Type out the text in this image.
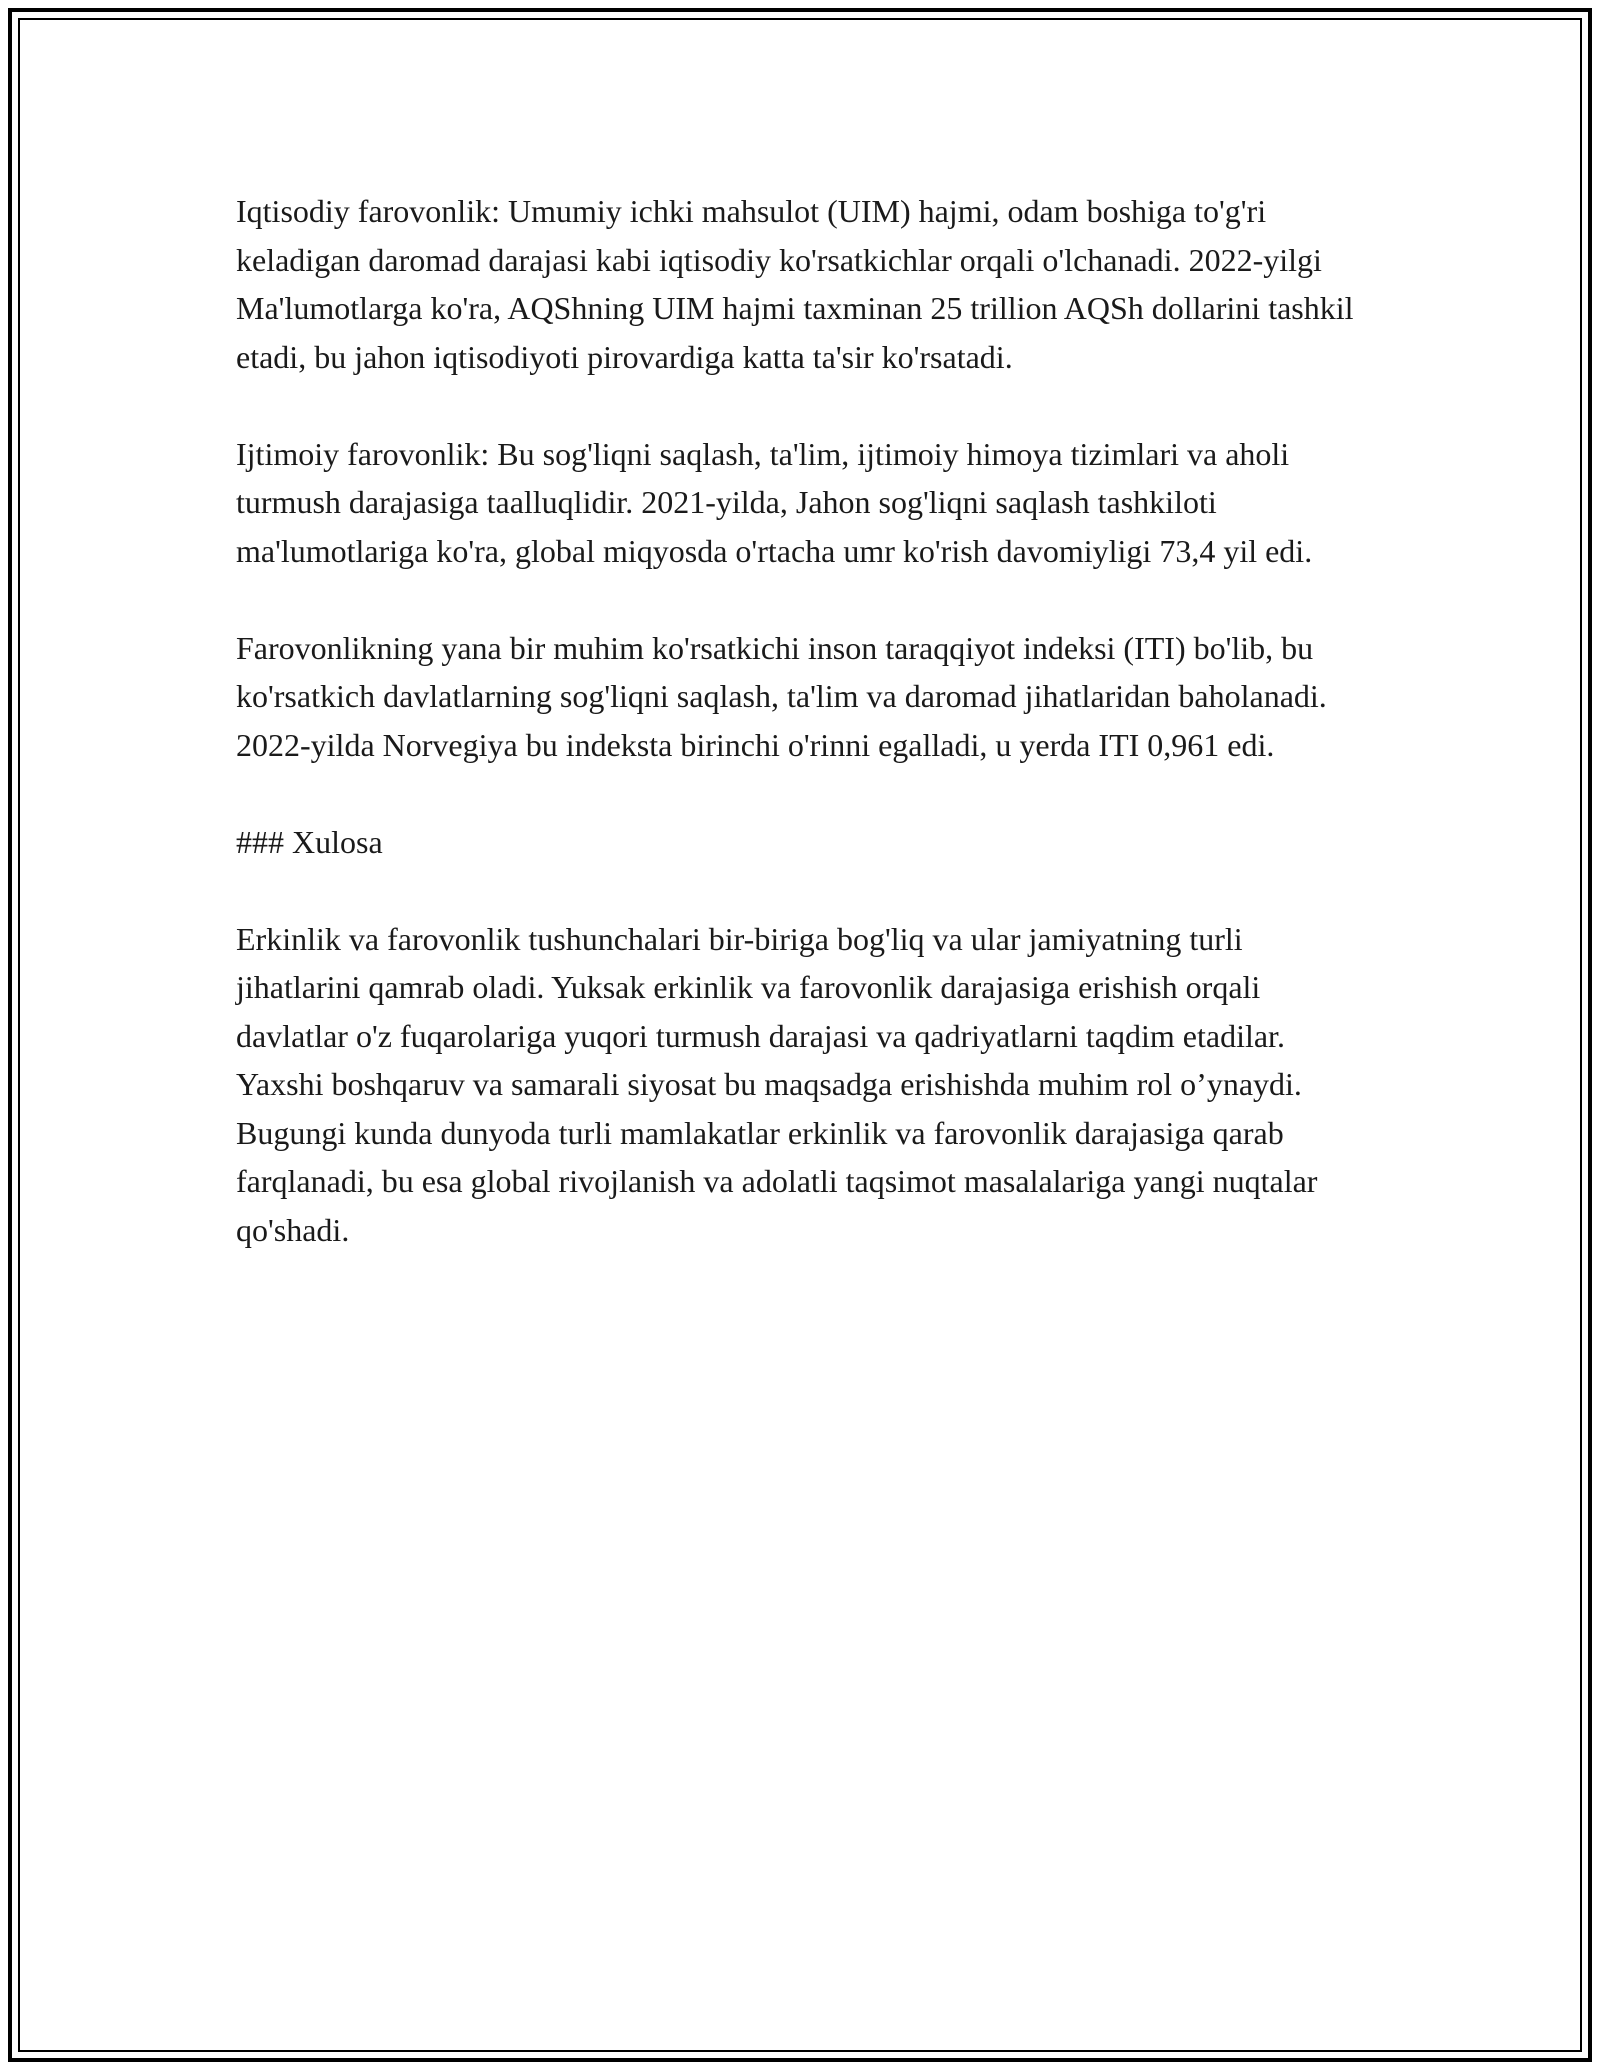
Iqtisodiy farovonlik: Umumiy ichki mahsulot (UIM) hajmi, odam boshiga to'g'ri keladigan daromad darajasi kabi iqtisodiy ko'rsatkichlar orqali o'lchanadi. 2022-yilgi Ma'lumotlarga ko'ra, AQShning UIM hajmi taxminan 25 trillion AQSh dollarini tashkil etadi, bu jahon iqtisodiyoti pirovardiga katta ta'sir ko'rsatadi.

Ijtimoiy farovonlik: Bu sog'liqni saqlash, ta'lim, ijtimoiy himoya tizimlari va aholi turmush darajasiga taalluqlidir. 2021-yilda, Jahon sog'liqni saqlash tashkiloti ma'lumotlariga ko'ra, global miqyosda o'rtacha umr ko'rish davomiyligi 73,4 yil edi.

Farovonlikning yana bir muhim ko'rsatkichi inson taraqqiyot indeksi (ITI) bo'lib, bu ko'rsatkich davlatlarning sog'liqni saqlash, ta'lim va daromad jihatlaridan baholanadi. 2022-yilda Norvegiya bu indeksta birinchi o'rinni egalladi, u yerda ITI 0,961 edi.

### Xulosa

Erkinlik va farovonlik tushunchalari bir-biriga bog'liq va ular jamiyatning turli jihatlarini qamrab oladi. Yuksak erkinlik va farovonlik darajasiga erishish orqali davlatlar o'z fuqarolariga yuqori turmush darajasi va qadriyatlarni taqdim etadilar. Yaxshi boshqaruv va samarali siyosat bu maqsadga erishishda muhim rol o’ynaydi. Bugungi kunda dunyoda turli mamlakatlar erkinlik va farovonlik darajasiga qarab farqlanadi, bu esa global rivojlanish va adolatli taqsimot masalalariga yangi nuqtalar qo'shadi.
